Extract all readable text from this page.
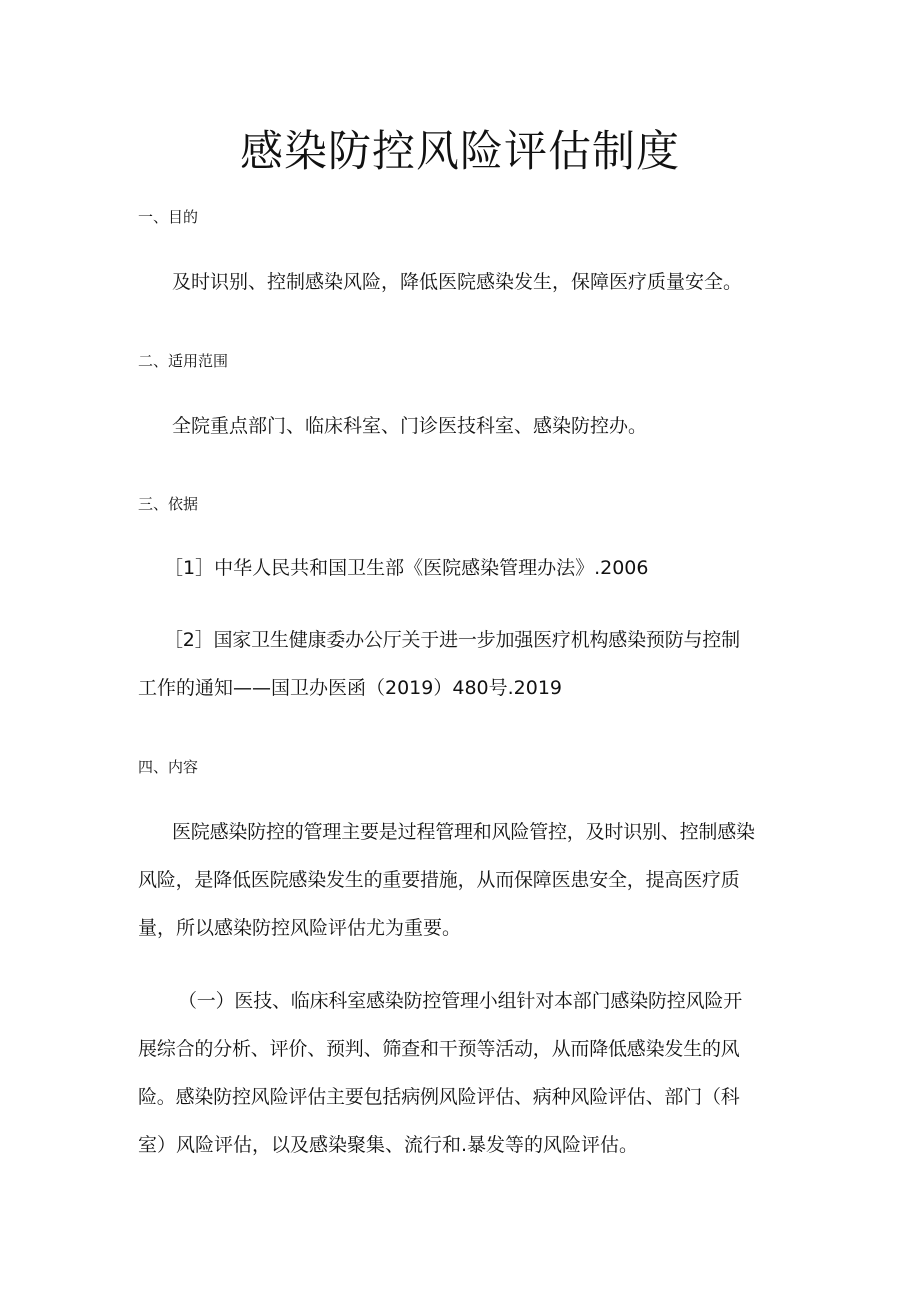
感染防控风险评估制度
一、目的
及时识别、控制感染风险，降低医院感染发生，保障医疗质量安全。
二、适用范围
全院重点部门、临床科室、门诊医技科室、感染防控办。
三、依据
［1］中华人民共和国卫生部《医院感染管理办法》.2006
［2］国家卫生健康委办公厅关于进一步加强医疗机构感染预防与控制
工作的通知——国卫办医函（2019）480号.2019
四、内容
医院感染防控的管理主要是过程管理和风险管控，及时识别、控制感染
风险，是降低医院感染发生的重要措施，从而保障医患安全，提高医疗质
量，所以感染防控风险评估尤为重要。
（一）医技、临床科室感染防控管理小组针对本部门感染防控风险开
展综合的分析、评价、预判、筛查和干预等活动，从而降低感染发生的风
险。感染防控风险评估主要包括病例风险评估、病种风险评估、部门（科
室）风险评估，以及感染聚集、流行和.暴发等的风险评估。
